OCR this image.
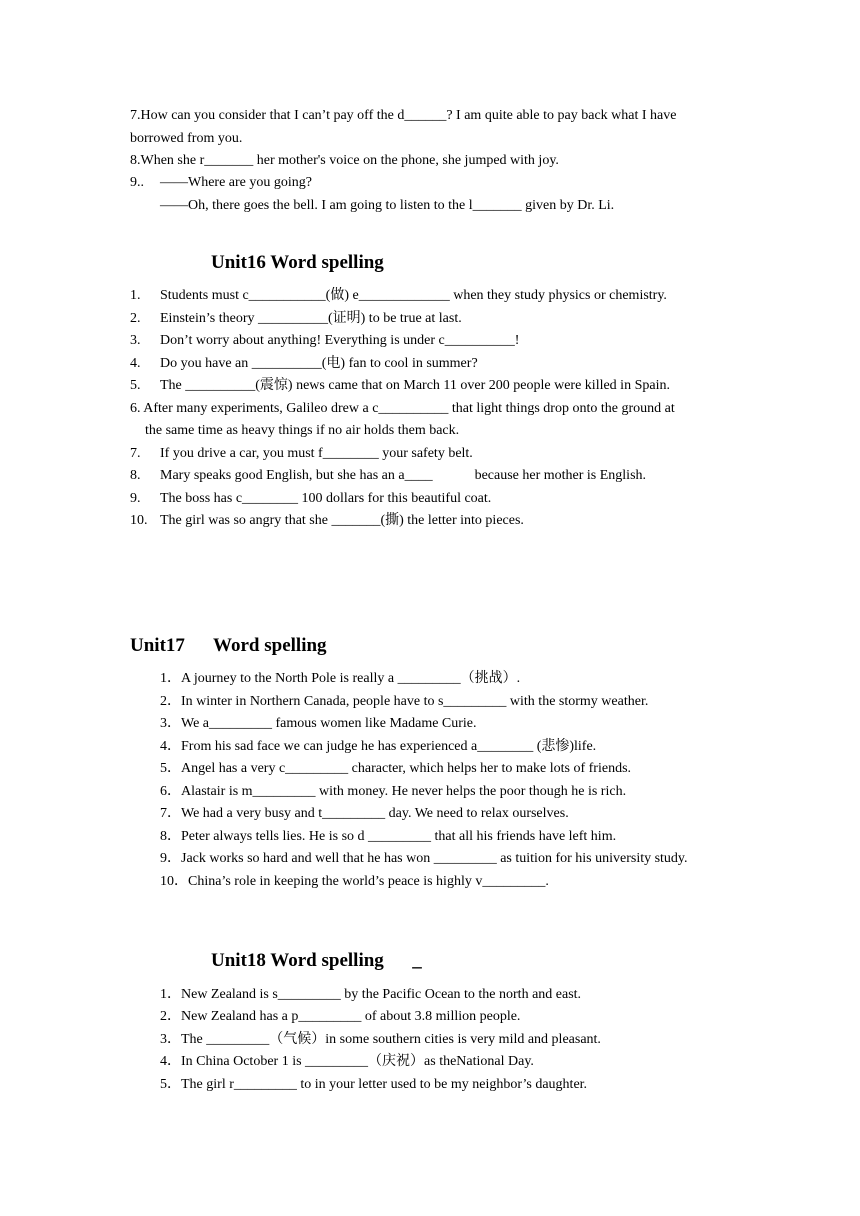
7.How can you consider that I can’t pay off the d______? I am quite able to pay back what I have
borrowed from you.
8.When she r_______ her mother's voice on the phone, she jumped with joy.
9.. ——Where are you going?
——Oh, there goes the bell. I am going to listen to the l_______ given by Dr. Li.
Unit16 Word spelling
1. Students must c___________(做) e_____________ when they study physics or chemistry.
2. Einstein’s theory __________(证明) to be true at last.
3. Don’t worry about anything! Everything is under c__________!
4. Do you have an __________(电) fan to cool in summer?
5. The __________(震惊) news came that on March 11 over 200 people were killed in Spain.
6. After many experiments, Galileo drew a c__________ that light things drop onto the ground at
the same time as heavy things if no air holds them back.
7. If you drive a car, you must f________ your safety belt.
8. Mary speaks good English, but she has an a____            because her mother is English.
9. The boss has c________ 100 dollars for this beautiful coat.
10. The girl was so angry that she _______(撕) the letter into pieces.
Unit17      Word spelling
1．A journey to the North Pole is really a _________（挑战）.
2．In winter in Northern Canada, people have to s_________ with the stormy weather.
3．We a_________ famous women like Madame Curie.
4．From his sad face we can judge he has experienced a________ (悲惨)life.
5．Angel has a very c_________ character, which helps her to make lots of friends.
6．Alastair is m_________ with money. He never helps the poor though he is rich.
7．We had a very busy and t_________ day. We need to relax ourselves.
8．Peter always tells lies. He is so d _________ that all his friends have left him.
9．Jack works so hard and well that he has won _________ as tuition for his university study.
10．China’s role in keeping the world’s peace is highly v_________.
Unit18 Word spelling      _
1．New Zealand is s_________ by the Pacific Ocean to the north and east.
2．New Zealand has a p_________ of about 3.8 million people.
3．The _________（气候）in some southern cities is very mild and pleasant.
4．In China October 1 is _________（庆祝）as theNational Day.
5．The girl r_________ to in your letter used to be my neighbor’s daughter.
